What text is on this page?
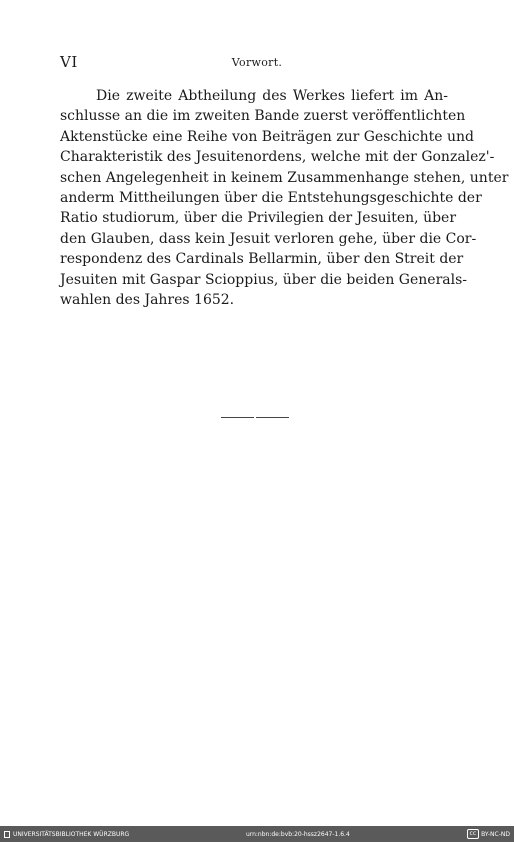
VI	Vorwort.
Die zweite Abtheilung des Werkes liefert im An-
schlusse an die im zweiten Bande zuerst veröffentlichten
Aktenstücke eine Reihe von Beiträgen zur Geschichte und
Charakteristik des Jesuitenordens, welche mit der Gonzalez'-
schen Angelegenheit in keinem Zusammenhange stehen, unter
anderm Mittheilungen über die Entstehungsgeschichte der
Ratio studiorum, über die Privilegien der Jesuiten, über
den Glauben, dass kein Jesuit verloren gehe, über die Cor-
respondenz des Cardinals Bellarmin, über den Streit der
Jesuiten mit Gaspar Scioppius, über die beiden Generals-
wahlen des Jahres 1652.
UNIVERSITÄTSBIBLIOTHEK WÜRZBURG	urn:nbn:de:bvb:20-hssz2647-1.6.4	cc BY-NC-ND
